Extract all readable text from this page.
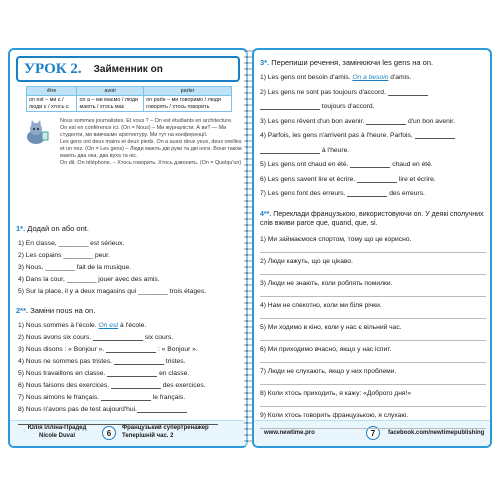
УРОК 2. Займенник on
être	avoir	parler
on est – ми є / люди є / хтось є	on a – ми маємо / люди мають / хтось має	on parle – ми говоримо / люди говорять / хтось говорить
Nous sommes journalistes. Et vous ? – On est étudiants en architecture.
On est en conférence ici. (On = Nous) – Ми журналісти. А ви? — Ми студенти, ми вивчаємо архітектуру. Ми тут на конференції.
Les gens ont deux mains et deux pieds. On a aussi deux yeux, deux oreilles et un nez. (On = Les gens) – Люди мають дві руки та дві ноги. Вони також мають два ока, два вуха та ніс.
On dit. On téléphone. – Хтось говорить. Хтось дзвонить. (On = Quelqu'un)
1*. Додай on або ont.
1) En classe, ________ est sérieux.
2) Les copains ________ peur.
3) Nous, ________ fait de la musique.
4) Dans la cour, ________ jouer avec des amis.
5) Sur la place, il y a deux magasins qui ________ trois étages.
2**. Заміни nous на on.
Юлія Ілліна-Прадед
Nicole Duval	6
Французький супертренажер
Теперішній час. 2
1) Nous sommes à l'école. On est à l'école.
2) Nous avons six cours.	six cours.
3) Nous disons : « Bonjour ».	: « Bonjour ».
4) Nous ne sommes pas tristes.	tristes.
5) Nous travaillons en classe.	en classe.
6) Nous faisons des exercices.	des exercices.
7) Nous aimons le français.	le français.
8) Nous n'avons pas de test aujourd'hui.
3*. Перепиши речення, замінюючи les gens на on.
4**. Переклади французькою, використовуючи on. У деякі сполучних слів вживи parce que, quand, que, si.
www.newtime.pro	7	facebook.com/newtimepublishing
1) Les gens ont besoin d'amis. On a besoin d'amis.
2) Les gens ne sont pas toujours d'accord.
toujours d'accord.
3) Les gens rêvent d'un bon avenir.	d'un bon avenir.
4) Parfois, les gens n'arrivent pas à l'heure. Parfois,
à l'heure.
5) Les gens ont chaud en été.	chaud en été.
6) Les gens savent lire et écrire.	lire et écrire.
7) Les gens font des erreurs.	des erreurs.
1) Ми займаємося спортом, тому що це корисно.
2) Люди кажуть, що це цікаво.
3) Люди не знають, коли роблять помилки.
4) Нам не спекотно, коли ми біля річки.
5) Ми ходимо в кіно, коли у нас є вільний час.
6) Ми приходимо вчасно, якщо у нас іспит.
7) Люди не слухають, якщо у них проблеми.
8) Коли хтось приходить, я кажу: «Доброго дня!»
9) Коли хтось говорить французькою, я слухаю.
